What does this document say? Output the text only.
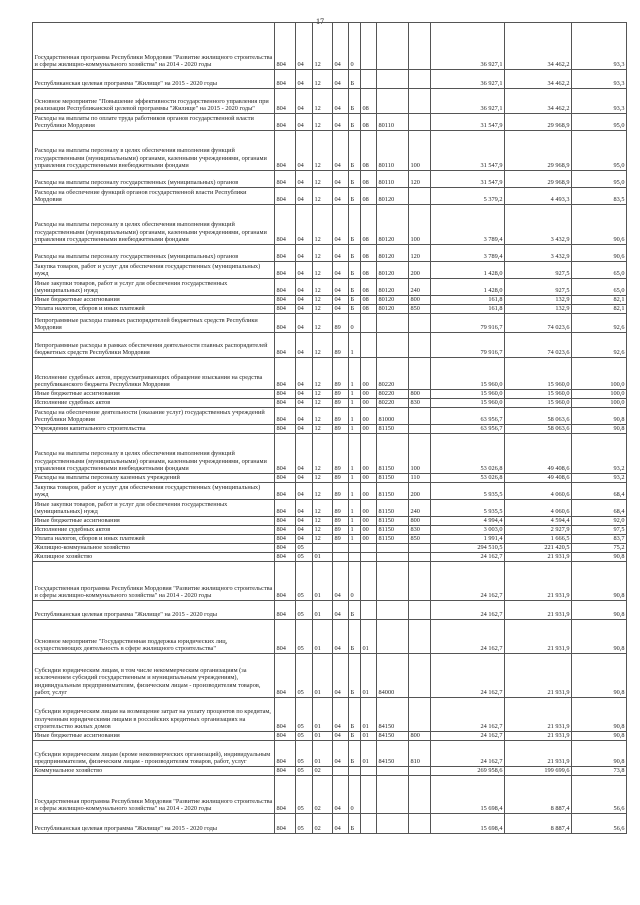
17
Государственная программа Республики Мордовия "Развитие жилищного строительства и сферы жилищно-коммунального хозяйства" на 2014 - 2020 годы	804	04	12	04	0				36 927,1	34 462,2	93,3
Республиканская целевая программа "Жилище" на 2015 - 2020 годы	804	04	12	04	Б				36 927,1	34 462,2	93,3
Основное мероприятие "Повышение эффективности государственного управления при реализации Республиканской целевой программы "Жилище" на 2015 - 2020 годы"	804	04	12	04	Б	08			36 927,1	34 462,2	93,3
Расходы на выплаты по оплате труда работников органов государственной власти Республики Мордовия	804	04	12	04	Б	08	80110		31 547,9	29 968,9	95,0
Расходы на выплаты персоналу в целях обеспечения выполнения функций государственными (муниципальными) органами, казенными учреждениями, органами управления государственными внебюджетными фондами	804	04	12	04	Б	08	80110	100	31 547,9	29 968,9	95,0
Расходы на выплаты персоналу государственных (муниципальных) органов	804	04	12	04	Б	08	80110	120	31 547,9	29 968,9	95,0
Расходы на обеспечение функций органов государственной власти Республики Мордовия	804	04	12	04	Б	08	80120		5 379,2	4 493,3	83,5
Расходы на выплаты персоналу в целях обеспечения выполнения функций государственными (муниципальными) органами, казенными учреждениями, органами управления государственными внебюджетными фондами	804	04	12	04	Б	08	80120	100	3 789,4	3 432,9	90,6
Расходы на выплаты персоналу государственных (муниципальных) органов	804	04	12	04	Б	08	80120	120	3 789,4	3 432,9	90,6
Закупка товаров, работ и услуг для обеспечения государственных (муниципальных) нужд	804	04	12	04	Б	08	80120	200	1 428,0	927,5	65,0
Иные закупки товаров, работ и услуг для обеспечения государственных (муниципальных) нужд	804	04	12	04	Б	08	80120	240	1 428,0	927,5	65,0
Иные бюджетные ассигнования	804	04	12	04	Б	08	80120	800	161,8	132,9	82,1
Уплата налогов, сборов и иных платежей	804	04	12	04	Б	08	80120	850	161,8	132,9	82,1
Непрограммные расходы главных распорядителей бюджетных средств Республики Мордовия	804	04	12	89	0				79 916,7	74 023,6	92,6
Непрограммные расходы в рамках обеспечения деятельности главных распорядителей бюджетных средств Республики Мордовия	804	04	12	89	1				79 916,7	74 023,6	92,6
Исполнение судебных актов, предусматривающих обращение взыскания на средства республиканского бюджета Республики Мордовия	804	04	12	89	1	00	80220		15 960,0	15 960,0	100,0
Иные бюджетные ассигнования	804	04	12	89	1	00	80220	800	15 960,0	15 960,0	100,0
Исполнение судебных актов	804	04	12	89	1	00	80220	830	15 960,0	15 960,0	100,0
Расходы на обеспечение деятельности (оказание услуг) государственных учреждений Республики Мордовия	804	04	12	89	1	00	81000		63 956,7	58 063,6	90,8
Учреждения капитального строительства	804	04	12	89	1	00	81150		63 956,7	58 063,6	90,8
Расходы на выплаты персоналу в целях обеспечения выполнения функций государственными (муниципальными) органами, казенными учреждениями, органами управления государственными внебюджетными фондами	804	04	12	89	1	00	81150	100	53 026,8	49 408,6	93,2
Расходы на выплаты персоналу казенных учреждений	804	04	12	89	1	00	81150	110	53 026,8	49 408,6	93,2
Закупка товаров, работ и услуг для обеспечения государственных (муниципальных) нужд	804	04	12	89	1	00	81150	200	5 935,5	4 060,6	68,4
Иные закупки товаров, работ и услуг для обеспечения государственных (муниципальных) нужд	804	04	12	89	1	00	81150	240	5 935,5	4 060,6	68,4
Иные бюджетные ассигнования	804	04	12	89	1	00	81150	800	4 994,4	4 594,4	92,0
Исполнение судебных актов	804	04	12	89	1	00	81150	830	3 003,0	2 927,9	97,5
Уплата налогов, сборов и иных платежей	804	04	12	89	1	00	81150	850	1 991,4	1 666,5	83,7
Жилищно-коммунальное хозяйство	804	05							294 510,5	221 420,5	75,2
Жилищное хозяйство	804	05	01						24 162,7	21 931,9	90,8
Государственная программа Республики Мордовия "Развитие жилищного строительства и сферы жилищно-коммунального хозяйства" на 2014 - 2020 годы	804	05	01	04	0				24 162,7	21 931,9	90,8
Республиканская целевая программа "Жилище" на 2015 - 2020 годы	804	05	01	04	Б				24 162,7	21 931,9	90,8
Основное мероприятие "Государственная поддержка юридических лиц, осуществляющих деятельность в сфере жилищного строительства"	804	05	01	04	Б	01			24 162,7	21 931,9	90,8
Субсидии юридическим лицам, в том числе некоммерческим организациям (за исключением субсидий государственным и муниципальным учреждениям), индивидуальным предпринимателям, физическим лицам - производителям товаров, работ, услуг	804	05	01	04	Б	01	84000		24 162,7	21 931,9	90,8
Субсидии юридическим лицам на возмещение затрат на уплату процентов по кредитам, полученным юридическими лицами в российских кредитных организациях на строительство жилых домов	804	05	01	04	Б	01	84150		24 162,7	21 931,9	90,8
Иные бюджетные ассигнования	804	05	01	04	Б	01	84150	800	24 162,7	21 931,9	90,8
Субсидии юридическим лицам (кроме некоммерческих организаций), индивидуальным предпринимателям, физическим лицам - производителям товаров, работ, услуг	804	05	01	04	Б	01	84150	810	24 162,7	21 931,9	90,8
Коммунальное хозяйство	804	05	02						269 958,6	199 699,6	73,8
Государственная программа Республики Мордовия "Развитие жилищного строительства и сферы жилищно-коммунального хозяйства" на 2014 - 2020 годы	804	05	02	04	0				15 698,4	8 887,4	56,6
Республиканская целевая программа "Жилище" на 2015 - 2020 годы	804	05	02	04	Б				15 698,4	8 887,4	56,6
